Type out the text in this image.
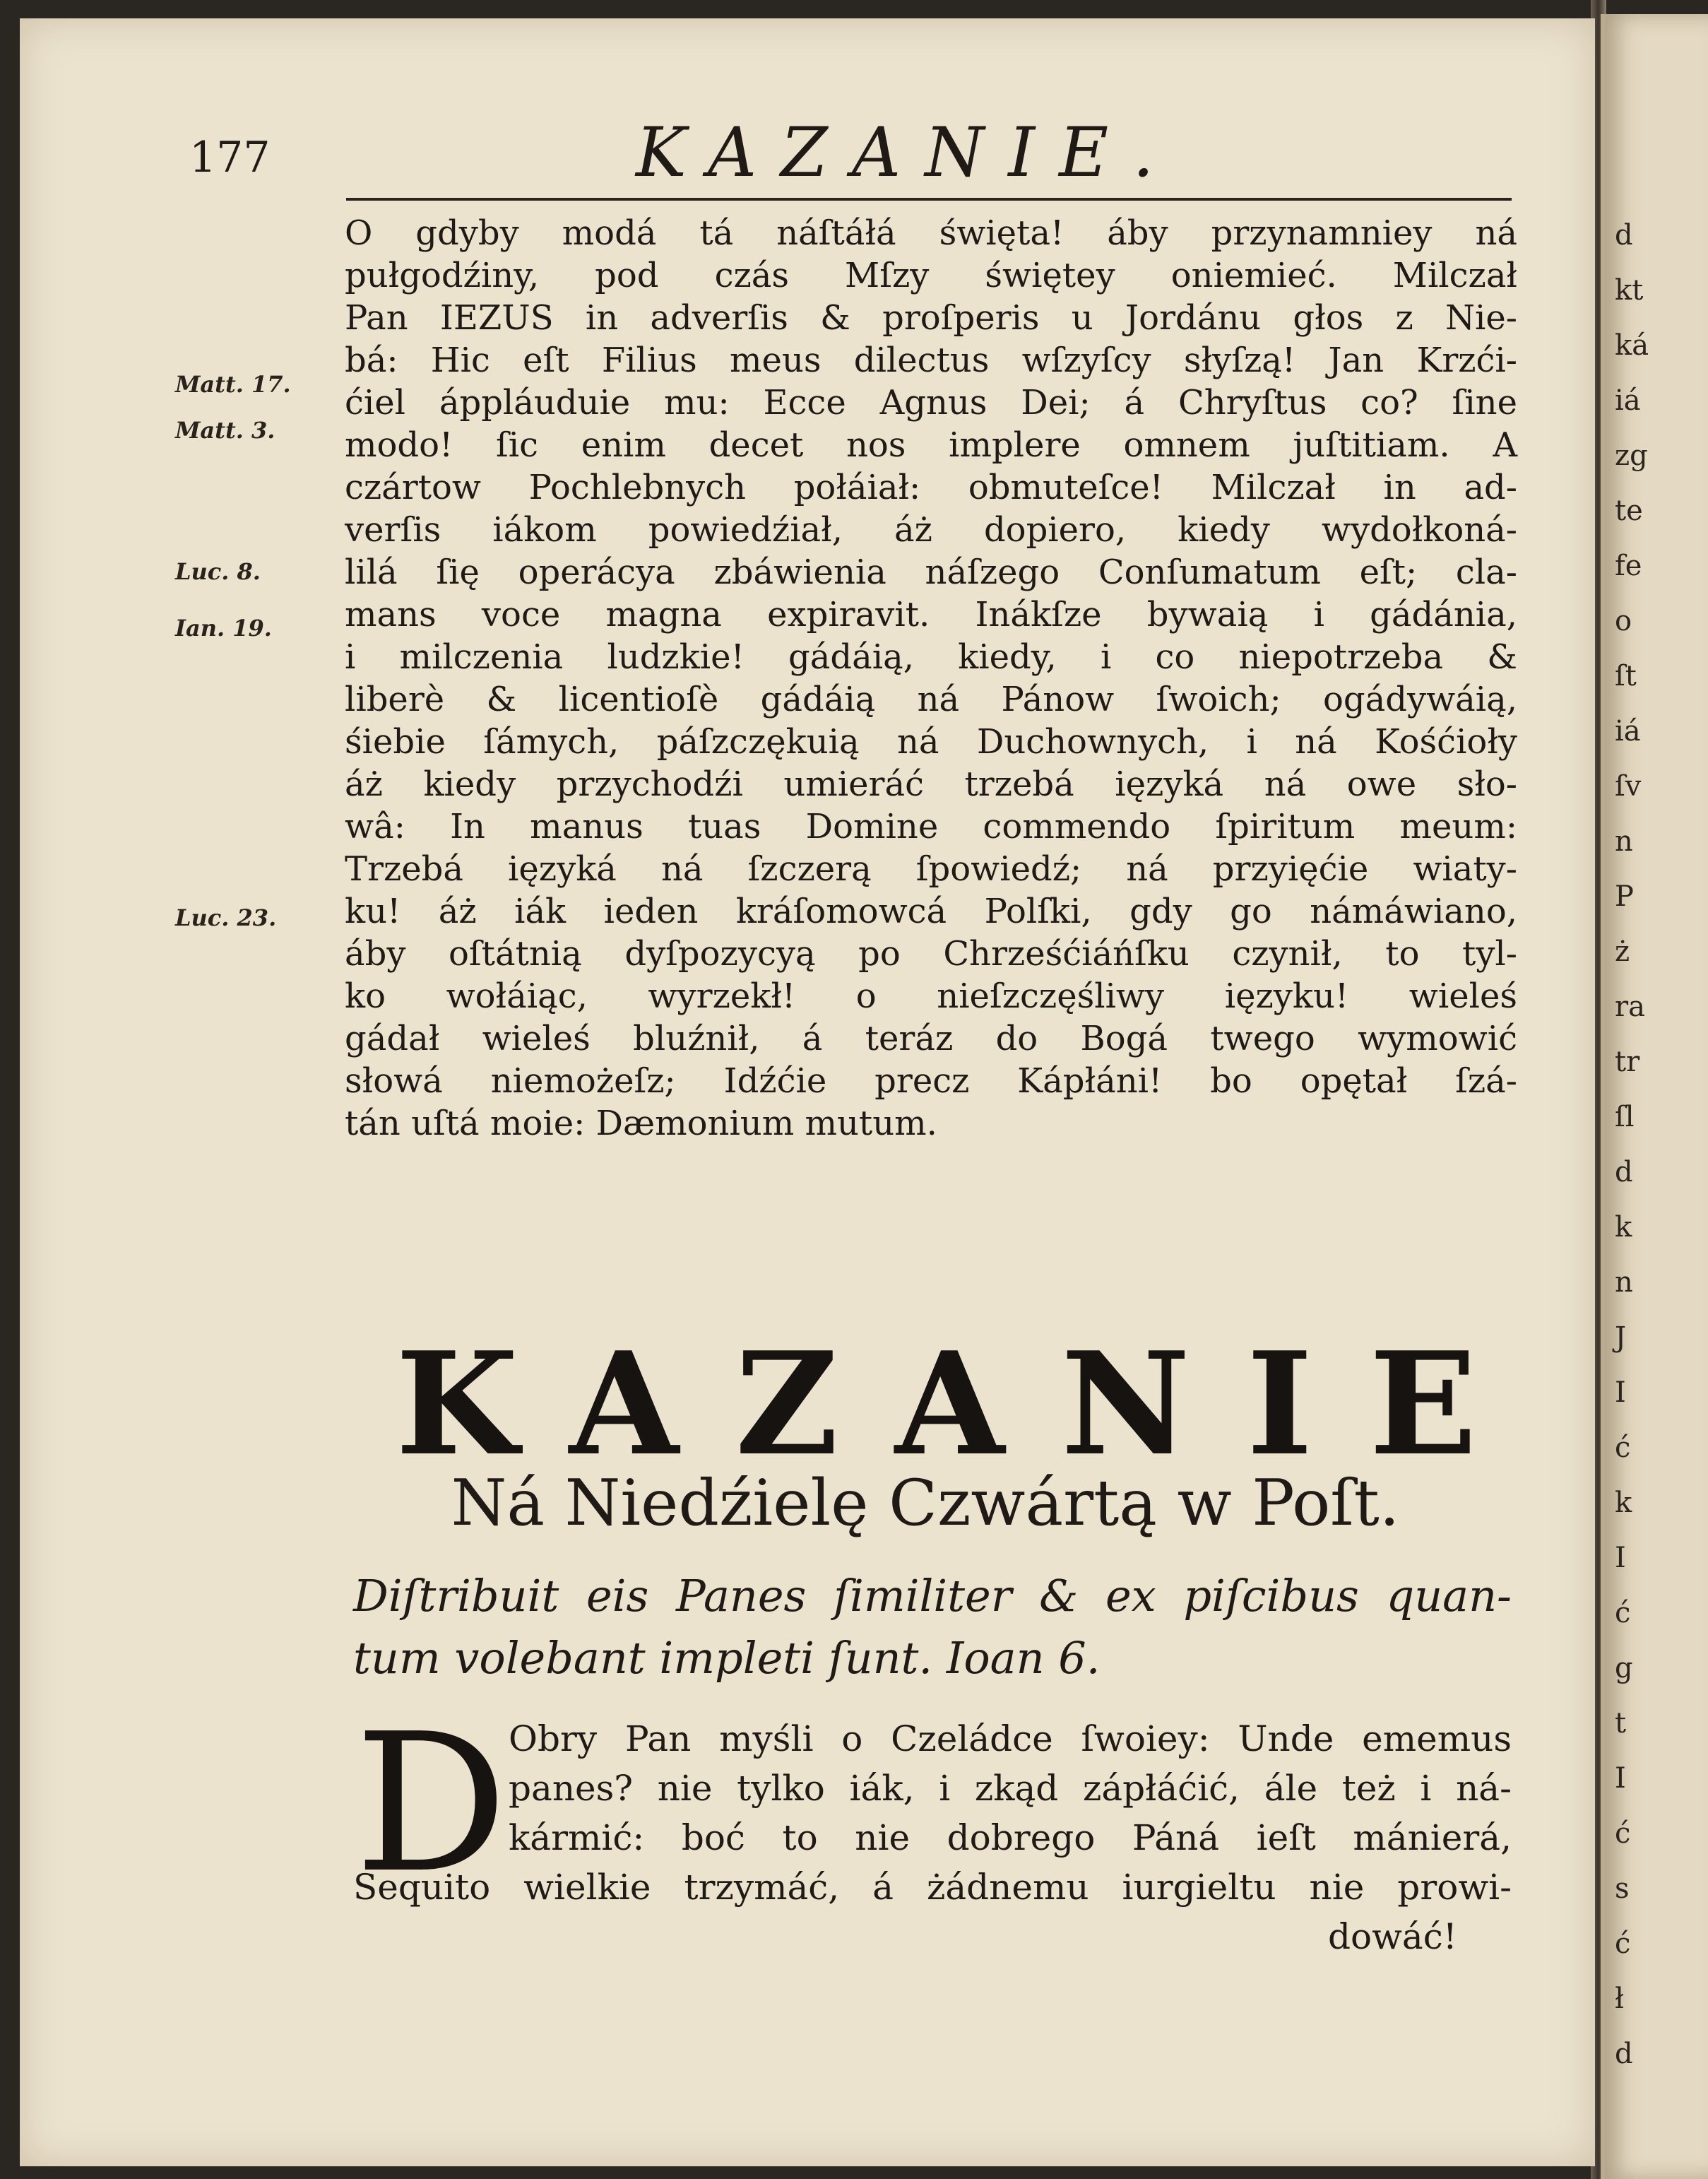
d
kt
ká
iá
zg
te
fe
o
ſt
iá
ſv
n
P
ż
ra
tr
ſl
d
k
n
J
I
ć
k
I
ć
g
t
I
ć
s
ć
ł
d
177	KAZANIE.
Matt. 17.
Matt. 3.
Luc. 8.
Ian. 19.
Luc. 23.
O gdyby modá tá náſtáłá święta! áby przynamniey ná
pułgodźiny, pod czás Mſzy świętey oniemieć. Milczał
Pan IEZUS in adverſis & proſperis u Jordánu głos z Nie-
bá: Hic eſt Filius meus dilectus wſzyſcy słyſzą! Jan Krzći-
ćiel áppláuduie mu: Ecce Agnus Dei; á Chryſtus co? ſine
modo! ſic enim decet nos implere omnem juſtitiam. A
czártow Pochlebnych połáiał: obmuteſce! Milczał in ad-
verſis iákom powiedźiał, áż dopiero, kiedy wydołkoná-
lilá ſię operácya zbáwienia náſzego Conſumatum eſt; cla-
mans voce magna expiravit. Inákſze bywaią i gádánia,
i milczenia ludzkie! gádáią, kiedy, i co niepotrzeba &
liberè & licentioſè gádáią ná Pánow ſwoich; ogádywáią,
śiebie ſámych, páſzczękuią ná Duchownych, i ná Kośćioły
áż kiedy przychodźi umieráć trzebá ięzyká ná owe sło-
wâ: In manus tuas Domine commendo ſpiritum meum:
Trzebá ięzyká ná ſzczerą ſpowiedź; ná przyięćie wiaty-
ku! áż iák ieden kráſomowcá Polſki, gdy go námáwiano,
áby oſtátnią dyſpozycyą po Chrześćiáńſku czynił, to tyl-
ko wołáiąc, wyrzekł! o nieſzczęśliwy ięzyku! wieleś
gádał wieleś bluźnił, á teráz do Bogá twego wymowić
słowá niemożeſz; Idźćie precz Kápłáni! bo opętał ſzá-
tán uſtá moie: Dæmonium mutum.
KAZANIE
Ná Niedźielę Czwártą w Poſt.
Diſtribuit eis Panes ſimiliter & ex piſcibus quan-
tum volebant impleti ſunt. Ioan 6.
D Obry Pan myśli o Czeládce ſwoiey: Unde ememus
panes? nie tylko iák, i zkąd zápłáćić, ále też i ná-
kármić: boć to nie dobrego Páná ieſt mánierá,
Sequito wielkie trzymáć, á żádnemu iurgieltu nie prowi-
dowáć!
